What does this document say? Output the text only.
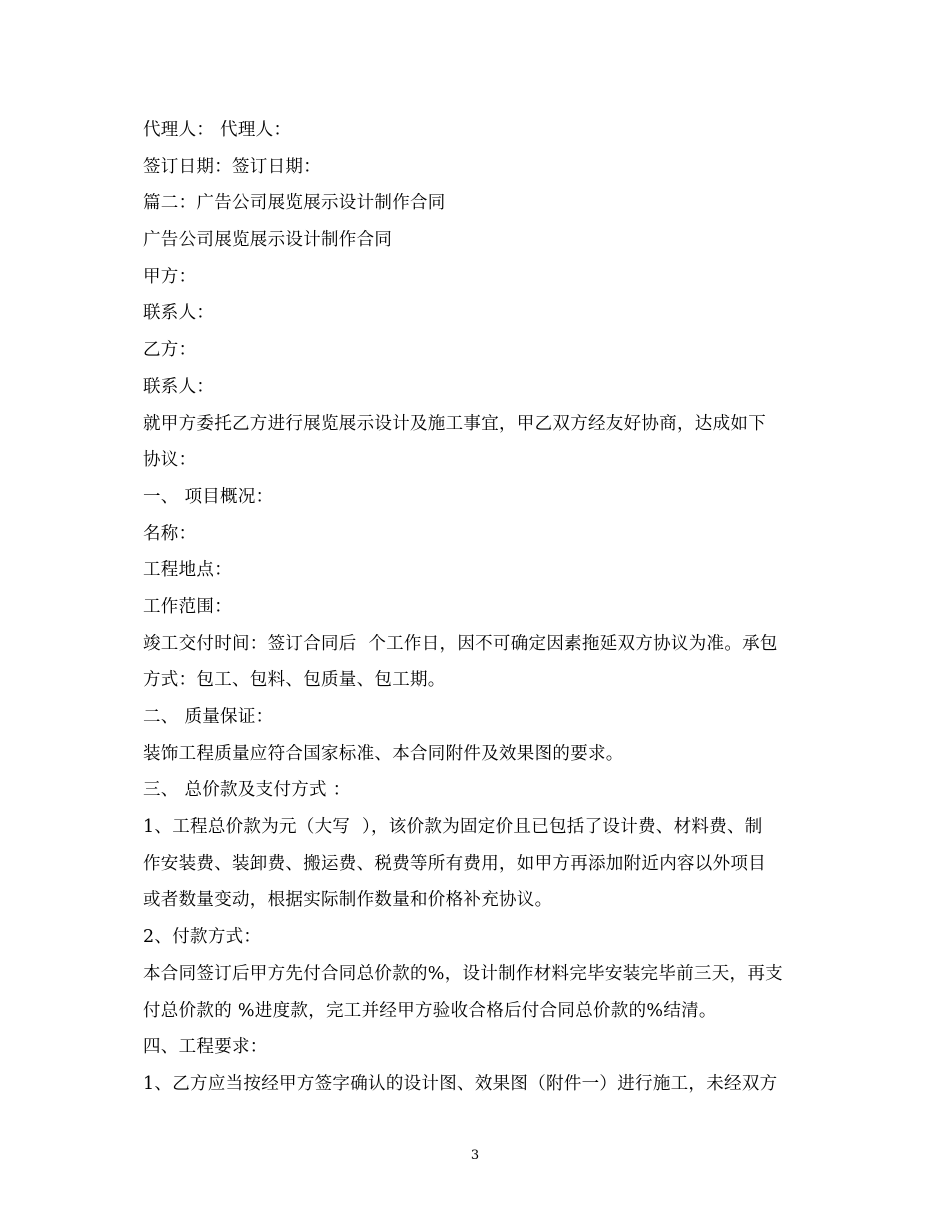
代理人： 代理人：
签订日期：签订日期：
篇二：广告公司展览展示设计制作合同
广告公司展览展示设计制作合同
甲方：
联系人：
乙方：
联系人：
就甲方委托乙方进行展览展示设计及施工事宜，甲乙双方经友好协商，达成如下
协议：
一、 项目概况：
名称：
工程地点：
工作范围：
竣工交付时间：签订合同后  个工作日，因不可确定因素拖延双方协议为准。承包
方式：包工、包料、包质量、包工期。
二、 质量保证：
装饰工程质量应符合国家标准、本合同附件及效果图的要求。
三、 总价款及支付方式 ：
1、工程总价款为元（大写  ），该价款为固定价且已包括了设计费、材料费、制
作安装费、装卸费、搬运费、税费等所有费用，如甲方再添加附近内容以外项目
或者数量变动，根据实际制作数量和价格补充协议。
2、付款方式：
本合同签订后甲方先付合同总价款的%，设计制作材料完毕安装完毕前三天，再支
付总价款的 %进度款，完工并经甲方验收合格后付合同总价款的%结清。
四、工程要求：
1、乙方应当按经甲方签字确认的设计图、效果图（附件一）进行施工，未经双方
3
